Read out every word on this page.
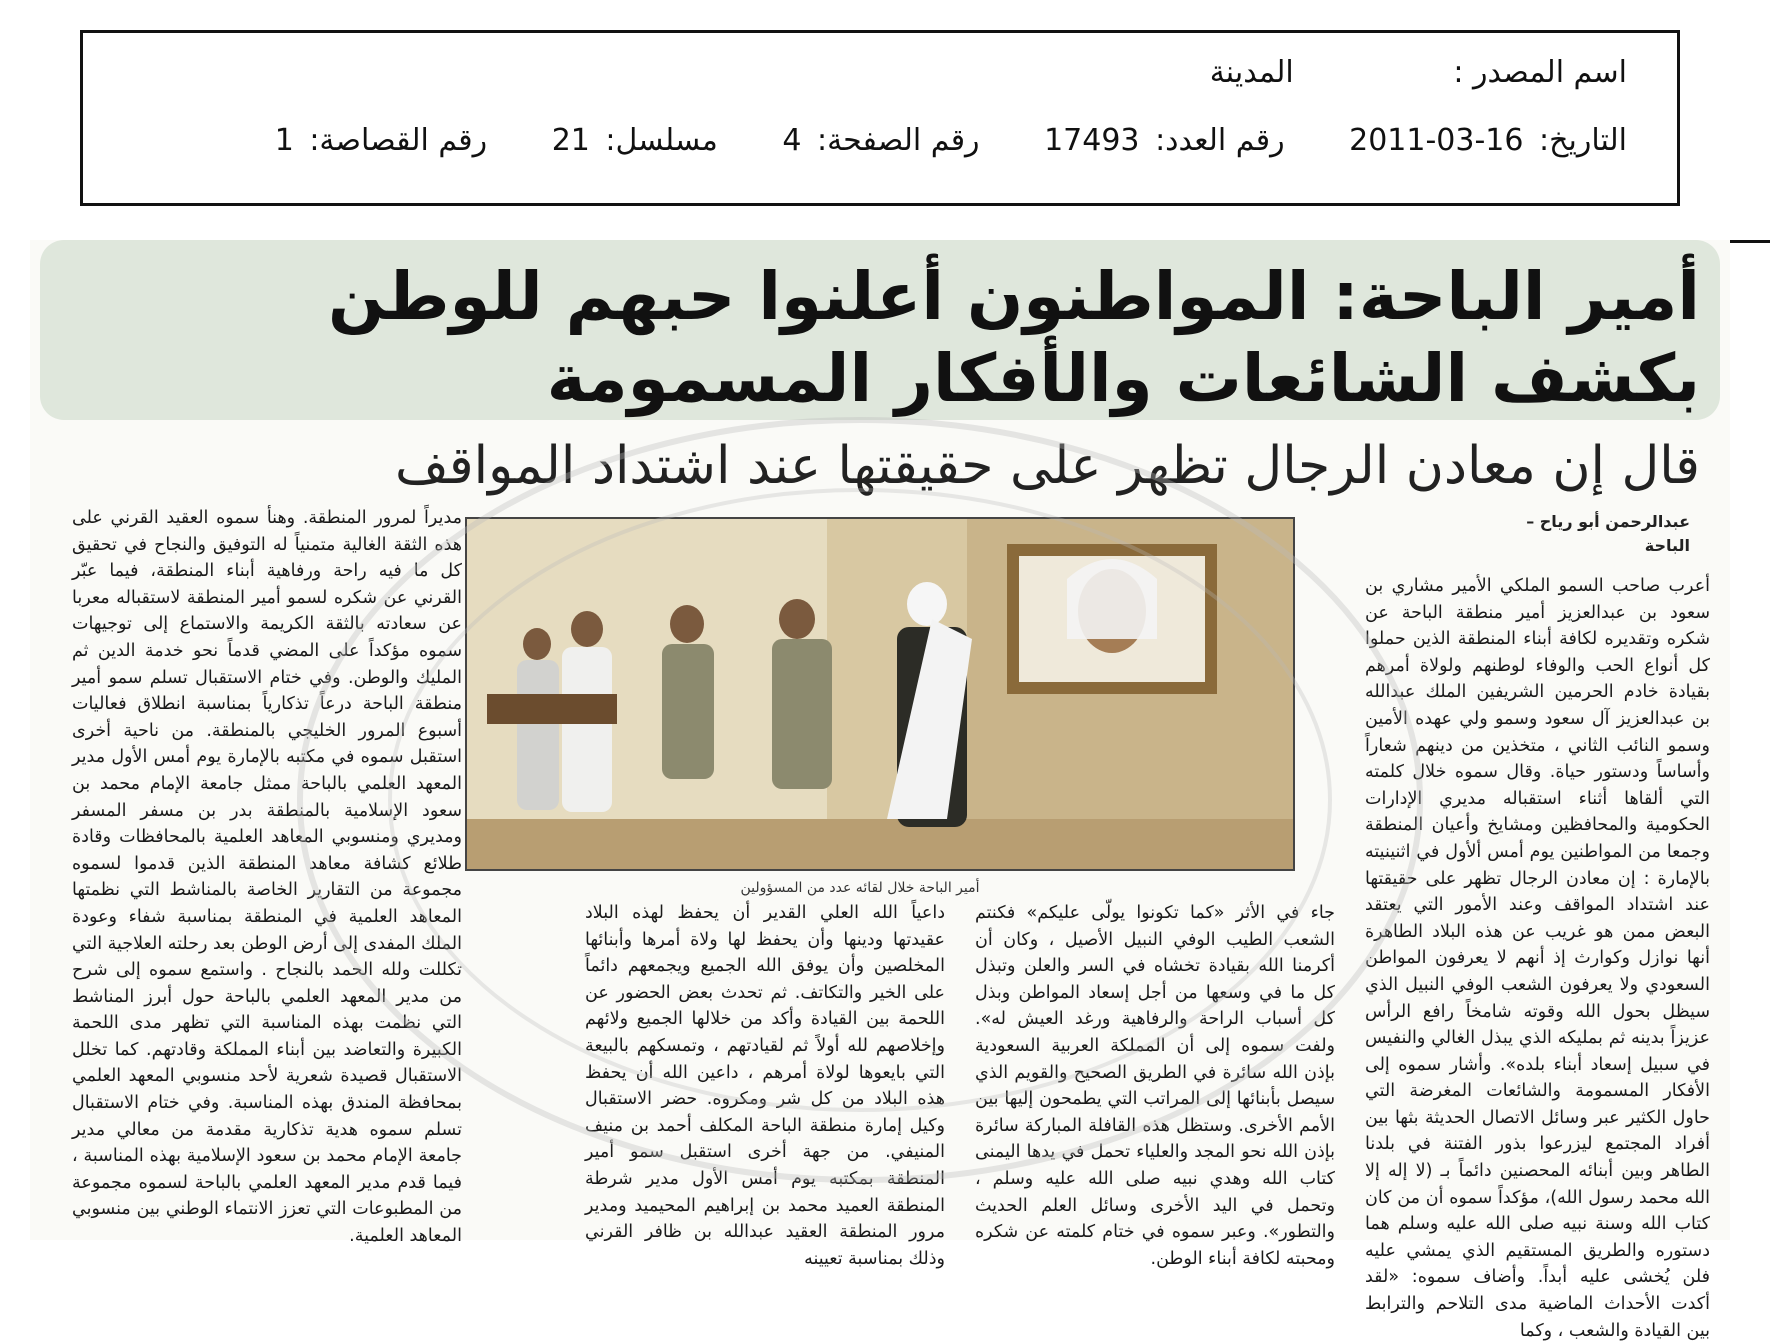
اسم المصدر : المدينة
التاريخ: 2011-03-16 رقم العدد: 17493 رقم الصفحة: 4 مسلسل: 21 رقم القصاصة: 1
أمير الباحة: المواطنون أعلنوا حبهم للوطن
بكشف الشائعات والأفكار المسمومة
قال إن معادن الرجال تظهر على حقيقتها عند اشتداد المواقف
عبدالرحمن أبو رياح –
الباحة
أمير الباحة خلال لقائه عدد من المسؤولين
أعرب صاحب السمو الملكي الأمير مشاري بن سعود بن عبدالعزيز أمير منطقة الباحة عن شكره وتقديره لكافة أبناء المنطقة الذين حملوا كل أنواع الحب والوفاء لوطنهم ولولاة أمرهم بقيادة خادم الحرمين الشريفين الملك عبدالله بن عبدالعزيز آل سعود وسمو ولي عهده الأمين وسمو النائب الثاني ، متخذين من دينهم شعاراً وأساساً ودستور حياة. وقال سموه خلال كلمته التي ألقاها أثناء استقباله مديري الإدارات الحكومية والمحافظين ومشايخ وأعيان المنطقة وجمعا من المواطنين يوم أمس ألأول في اثنينيته بالإمارة : إن معادن الرجال تظهر على حقيقتها عند اشتداد المواقف وعند الأمور التي يعتقد البعض ممن هو غريب عن هذه البلاد الطاهرة أنها نوازل وكوارث إذ أنهم لا يعرفون المواطن السعودي ولا يعرفون الشعب الوفي النبيل الذي سيظل بحول الله وقوته شامخاً رافع الرأس عزيزاً بدينه ثم بمليكه الذي يبذل الغالي والنفيس في سبيل إسعاد أبناء بلده». وأشار سموه إلى الأفكار المسمومة والشائعات المغرضة التي حاول الكثير عبر وسائل الاتصال الحديثة بثها بين أفراد المجتمع ليزرعوا بذور الفتنة في بلدنا الطاهر وبين أبنائه المحصنين دائماً بـ (لا إله إلا الله محمد رسول الله)، مؤكداً سموه أن من كان كتاب الله وسنة نبيه صلى الله عليه وسلم هما دستوره والطريق المستقيم الذي يمشي عليه فلن يُخشى عليه أبداً. وأضاف سموه: «لقد أكدت الأحداث الماضية مدى التلاحم والترابط بين القيادة والشعب ، وكما
جاء في الأثر «كما تكونوا يولّى عليكم» فكنتم الشعب الطيب الوفي النبيل الأصيل ، وكان أن أكرمنا الله بقيادة تخشاه في السر والعلن وتبذل كل ما في وسعها من أجل إسعاد المواطن وبذل كل أسباب الراحة والرفاهية ورغد العيش له». ولفت سموه إلى أن المملكة العربية السعودية بإذن الله سائرة في الطريق الصحيح والقويم الذي سيصل بأبنائها إلى المراتب التي يطمحون إليها بين الأمم الأخرى. وستظل هذه القافلة المباركة سائرة بإذن الله نحو المجد والعلياء تحمل في يدها اليمنى كتاب الله وهدي نبيه صلى الله عليه وسلم ، وتحمل في اليد الأخرى وسائل العلم الحديث والتطور». وعبر سموه في ختام كلمته عن شكره ومحبته لكافة أبناء الوطن.
داعياً الله العلي القدير أن يحفظ لهذه البلاد عقيدتها ودينها وأن يحفظ لها ولاة أمرها وأبنائها المخلصين وأن يوفق الله الجميع ويجمعهم دائماً على الخير والتكاتف. ثم تحدث بعض الحضور عن اللحمة بين القيادة وأكد من خلالها الجميع ولائهم وإخلاصهم لله أولاً ثم لقيادتهم ، وتمسكهم بالبيعة التي بايعوها لولاة أمرهم ، داعين الله أن يحفظ هذه البلاد من كل شر ومكروه. حضر الاستقبال وكيل إمارة منطقة الباحة المكلف أحمد بن منيف المنيفي. من جهة أخرى استقبل سمو أمير المنطقة بمكتبه يوم أمس الأول مدير شرطة المنطقة العميد محمد بن إبراهيم المحيميد ومدير مرور المنطقة العقيد عبدالله بن ظافر القرني وذلك بمناسبة تعيينه
مديراً لمرور المنطقة. وهنأ سموه العقيد القرني على هذه الثقة الغالية متمنياً له التوفيق والنجاح في تحقيق كل ما فيه راحة ورفاهية أبناء المنطقة، فيما عبّر القرني عن شكره لسمو أمير المنطقة لاستقباله معربا عن سعادته بالثقة الكريمة والاستماع إلى توجيهات سموه مؤكداً على المضي قدماً نحو خدمة الدين ثم المليك والوطن. وفي ختام الاستقبال تسلم سمو أمير منطقة الباحة درعاً تذكارياً بمناسبة انطلاق فعاليات أسبوع المرور الخليجي بالمنطقة. من ناحية أخرى استقبل سموه في مكتبه بالإمارة يوم أمس الأول مدير المعهد العلمي بالباحة ممثل جامعة الإمام محمد بن سعود الإسلامية بالمنطقة بدر بن مسفر المسفر ومديري ومنسوبي المعاهد العلمية بالمحافظات وقادة طلائع كشافة معاهد المنطقة الذين قدموا لسموه مجموعة من التقارير الخاصة بالمناشط التي نظمتها المعاهد العلمية في المنطقة بمناسبة شفاء وعودة الملك المفدى إلى أرض الوطن بعد رحلته العلاجية التي تكللت ولله الحمد بالنجاح . واستمع سموه إلى شرح من مدير المعهد العلمي بالباحة حول أبرز المناشط التي نظمت بهذه المناسبة التي تظهر مدى اللحمة الكبيرة والتعاضد بين أبناء المملكة وقادتهم. كما تخلل الاستقبال قصيدة شعرية لأحد منسوبي المعهد العلمي بمحافظة المندق بهذه المناسبة. وفي ختام الاستقبال تسلم سموه هدية تذكارية مقدمة من معالي مدير جامعة الإمام محمد بن سعود الإسلامية بهذه المناسبة ، فيما قدم مدير المعهد العلمي بالباحة لسموه مجموعة من المطبوعات التي تعزز الانتماء الوطني بين منسوبي المعاهد العلمية.
